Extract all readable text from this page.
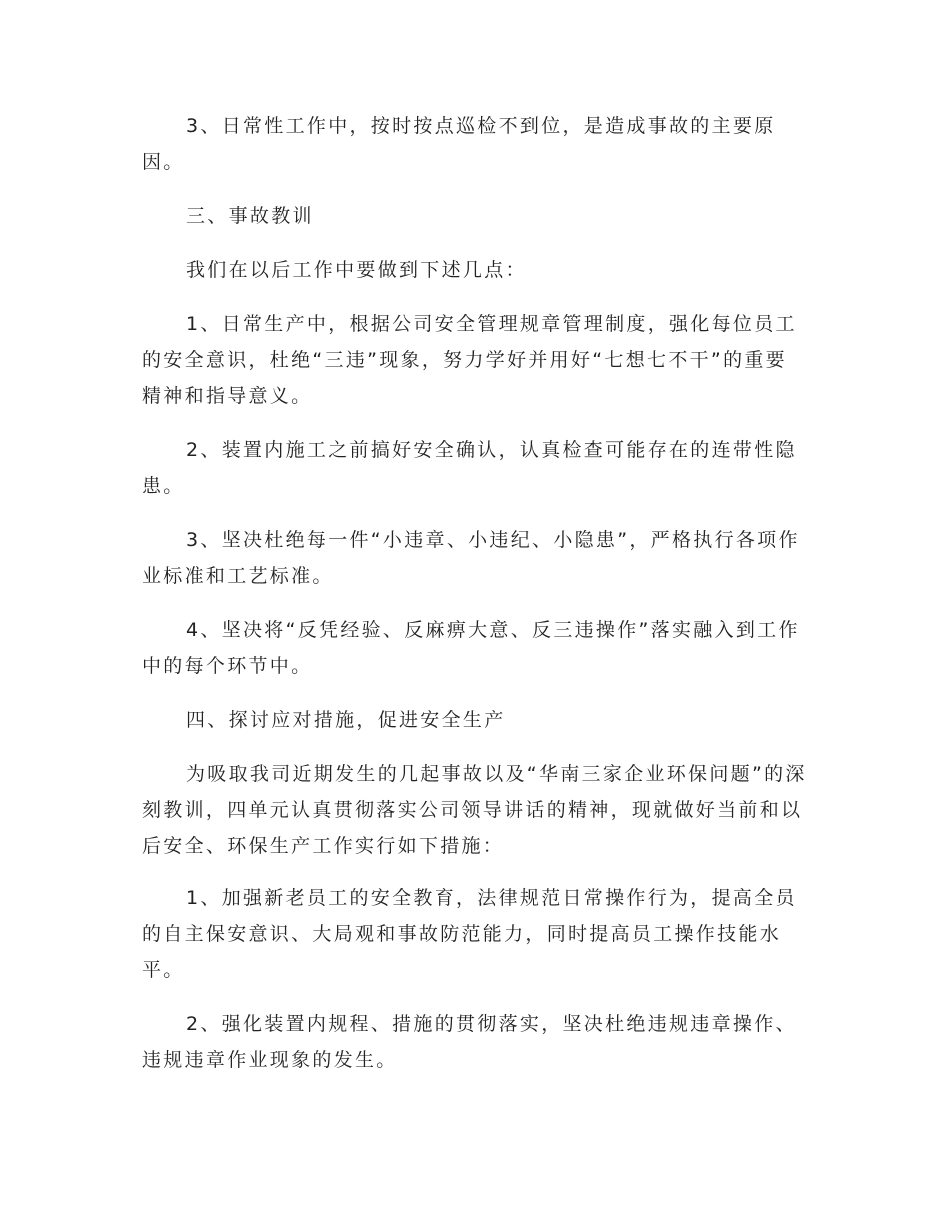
3、日常性工作中，按时按点巡检不到位，是造成事故的主要原因。

三、事故教训

我们在以后工作中要做到下述几点：

1、日常生产中，根据公司安全管理规章管理制度，强化每位员工的安全意识，杜绝“三违”现象，努力学好并用好“七想七不干”的重要精神和指导意义。

2、装置内施工之前搞好安全确认，认真检查可能存在的连带性隐患。

3、坚决杜绝每一件“小违章、小违纪、小隐患”，严格执行各项作业标准和工艺标准。

4、坚决将“反凭经验、反麻痹大意、反三违操作”落实融入到工作中的每个环节中。

四、探讨应对措施，促进安全生产

为吸取我司近期发生的几起事故以及“华南三家企业环保问题”的深刻教训，四单元认真贯彻落实公司领导讲话的精神，现就做好当前和以后安全、环保生产工作实行如下措施：

1、加强新老员工的安全教育，法律规范日常操作行为，提高全员的自主保安意识、大局观和事故防范能力，同时提高员工操作技能水平。

2、强化装置内规程、措施的贯彻落实，坚决杜绝违规违章操作、违规违章作业现象的发生。
